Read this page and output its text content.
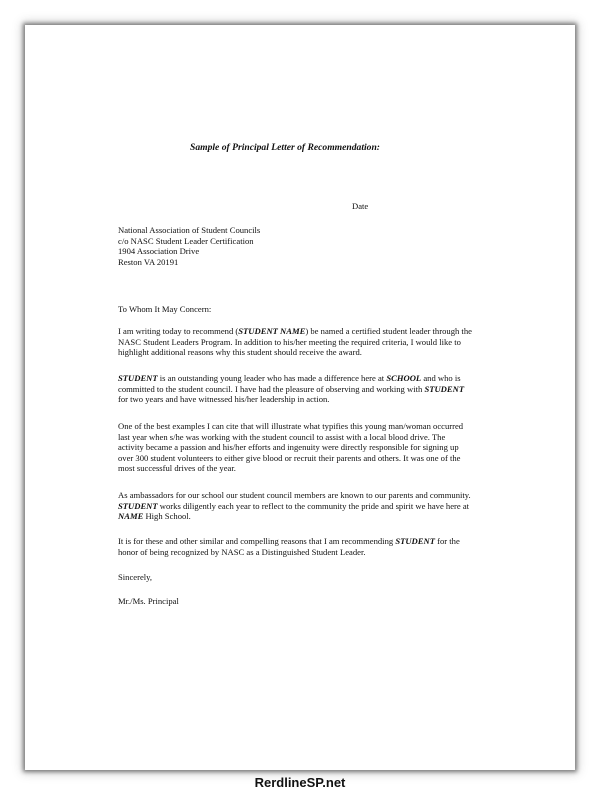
Sample of Principal Letter of Recommendation:
Date
National Association of Student Councils
c/o NASC Student Leader Certification
1904 Association Drive
Reston VA 20191
To Whom It May Concern:
I am writing today to recommend (STUDENT NAME) be named a certified student leader through the NASC Student Leaders Program. In addition to his/her meeting the required criteria, I would like to highlight additional reasons why this student should receive the award.
STUDENT is an outstanding young leader who has made a difference here at SCHOOL and who is committed to the student council. I have had the pleasure of observing and working with STUDENT for two years and have witnessed his/her leadership in action.
One of the best examples I can cite that will illustrate what typifies this young man/woman occurred last year when s/he was working with the student council to assist with a local blood drive. The activity became a passion and his/her efforts and ingenuity were directly responsible for signing up over 300 student volunteers to either give blood or recruit their parents and others. It was one of the most successful drives of the year.
As ambassadors for our school our student council members are known to our parents and community. STUDENT works diligently each year to reflect to the community the pride and spirit we have here at NAME High School.
It is for these and other similar and compelling reasons that I am recommending STUDENT for the honor of being recognized by NASC as a Distinguished Student Leader.
Sincerely,
Mr./Ms. Principal
RerdlineSP.net
